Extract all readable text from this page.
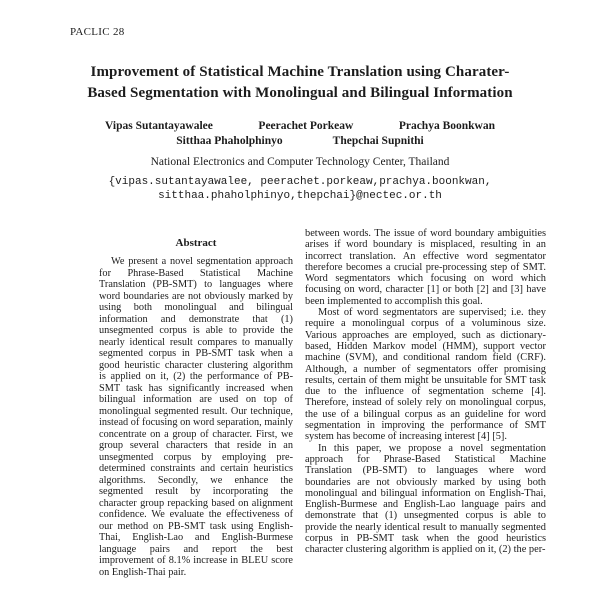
PACLIC 28
Improvement of Statistical Machine Translation using Charater-
Based Segmentation with Monolingual and Bilingual Information
Vipas Sutantayawalee	Peerachet Porkeaw	Prachya Boonkwan
Sitthaa Phaholphinyo	Thepchai Supnithi
National Electronics and Computer Technology Center, Thailand
{vipas.sutantayawalee, peerachet.porkeaw,prachya.boonkwan,
sitthaa.phaholphinyo,thepchai}@nectec.or.th
Abstract

We present a novel segmentation approach for Phrase-Based Statistical Machine Translation (PB-SMT) to languages where word boundaries are not obviously marked by using both monolingual and bilingual information and demonstrate that (1) unsegmented corpus is able to provide the nearly identical result compares to manually segmented corpus in PB-SMT task when a good heuristic character clustering algorithm is applied on it, (2) the performance of PB-SMT task has significantly increased when bilingual information are used on top of monolingual segmented result. Our technique, instead of focusing on word separation, mainly concentrate on a group of character. First, we group several characters that reside in an unsegmented corpus by employing pre-determined constraints and certain heuristics algorithms. Secondly, we enhance the segmented result by incorporating the character group repacking based on alignment confidence. We evaluate the effectiveness of our method on PB-SMT task using English-Thai, English-Lao and English-Burmese language pairs and report the best improvement of 8.1% increase in BLEU score on English-Thai pair.

between words. The issue of word boundary ambiguities arises if word boundary is misplaced, resulting in an incorrect translation. An effective word segmentator therefore becomes a crucial pre-processing step of SMT. Word segmentators which focusing on word which focusing on word, character [1] or both [2] and [3] have been implemented to accomplish this goal.

Most of word segmentators are supervised; i.e. they require a monolingual corpus of a voluminous size. Various approaches are employed, such as dictionary-based, Hidden Markov model (HMM), support vector machine (SVM), and conditional random field (CRF). Although, a number of segmentators offer promising results, certain of them might be unsuitable for SMT task due to the influence of segmentation scheme [4]. Therefore, instead of solely rely on monolingual corpus, the use of a bilingual corpus as an guideline for word segmentation in improving the performance of SMT system has become of increasing interest [4] [5].

In this paper, we propose a novel segmentation approach for Phrase-Based Statistical Machine Translation (PB-SMT) to languages where word boundaries are not obviously marked by using both monolingual and bilingual information on English-Thai, English-Burmese and English-Lao language pairs and demonstrate that (1) unsegmented corpus is able to provide the nearly identical result to manually segmented corpus in PB-SMT task when the good heuristics character clustering algorithm is applied on it, (2) the per-
